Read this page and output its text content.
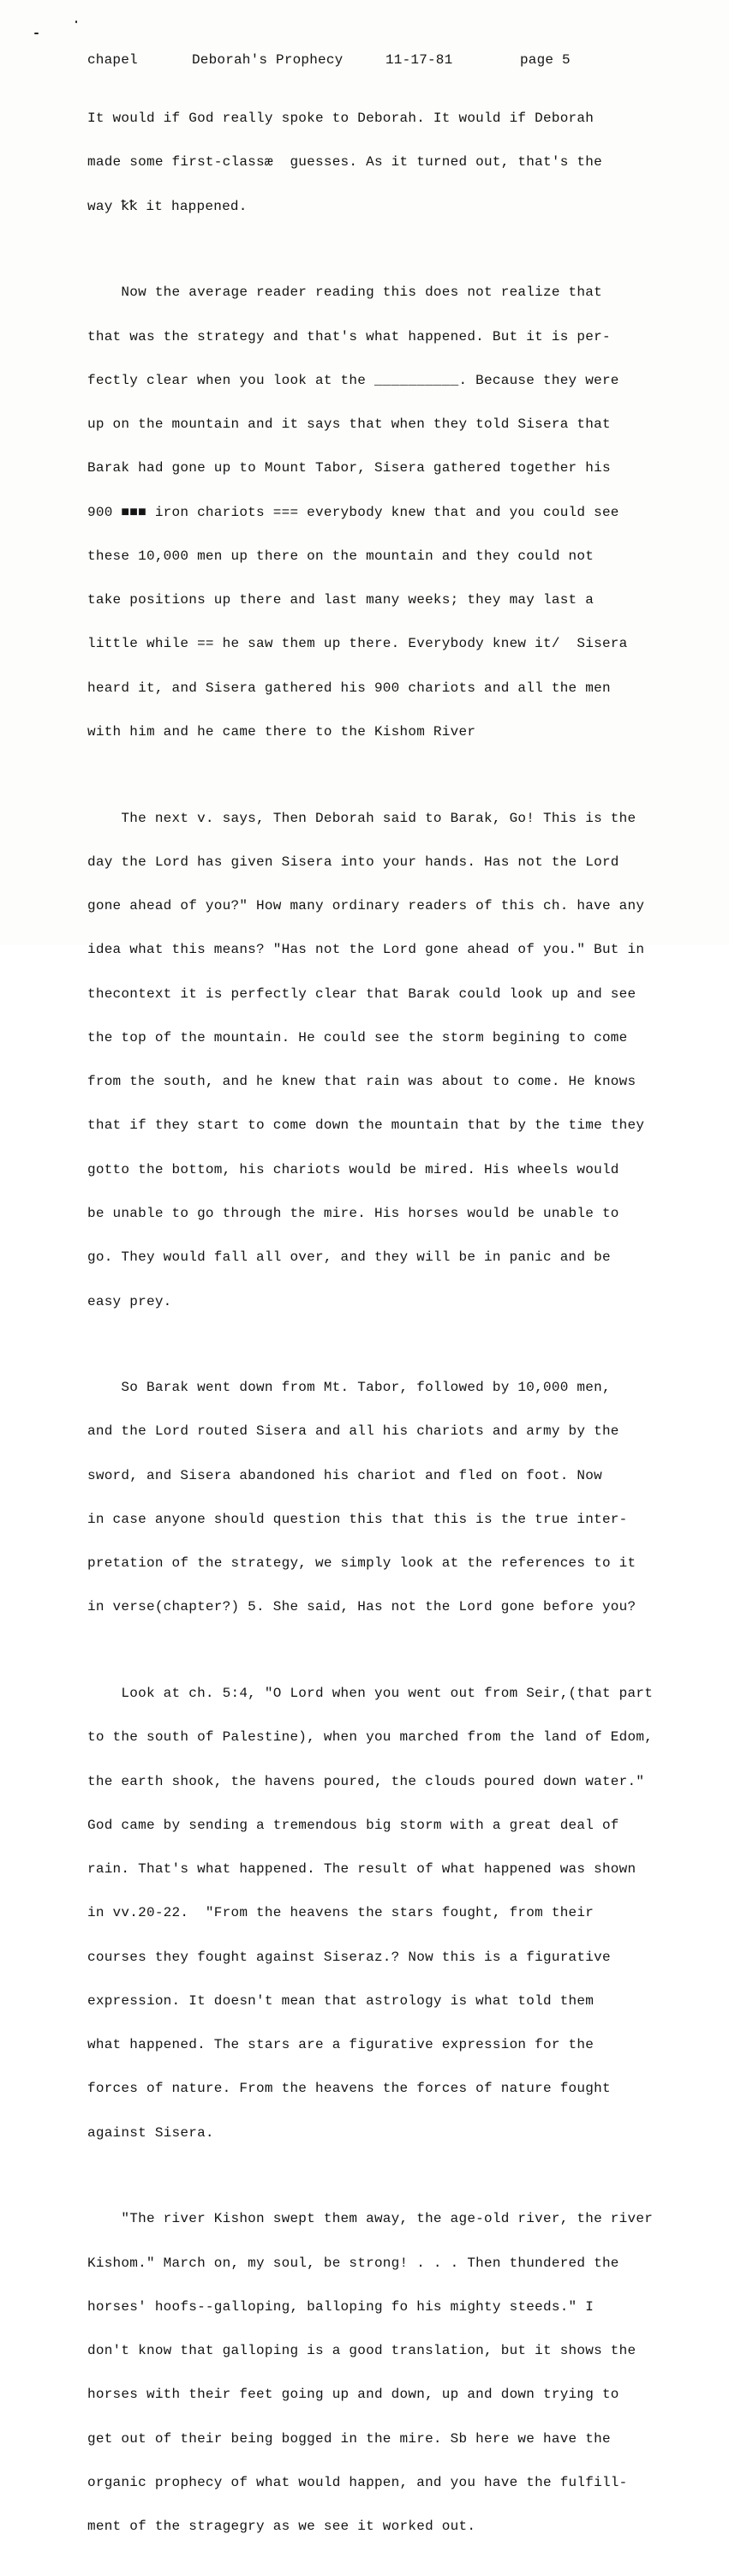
chapel

	Deborah's Prophecy

	11-17-81

	page 5

It would if God really spoke to Deborah. It would if Deborah

made some first-classæ  guesses. As it turned out, that's the

way ꝁꝁ it happened.

Now the average reader reading this does not realize that

that was the strategy and that's what happened. But it is per-

fectly clear when you look at the __________. Because they were

up on the mountain and it says that when they told Sisera that

Barak had gone up to Mount Tabor, Sisera gathered together his

900 ■■■ iron chariots === everybody knew that and you could see

these 10,000 men up there on the mountain and they could not

take positions up there and last many weeks; they may last a

little while == he saw them up there. Everybody knew it/  Sisera

heard it, and Sisera gathered his 900 chariots and all the men

with him and he came there to the Kishom River

The next v. says, Then Deborah said to Barak, Go! This is the

day the Lord has given Sisera into your hands. Has not the Lord

gone ahead of you?" How many ordinary readers of this ch. have any

idea what this means? "Has not the Lord gone ahead of you." But in

thecontext it is perfectly clear that Barak could look up and see

the top of the mountain. He could see the storm begining to come

from the south, and he knew that rain was about to come. He knows

that if they start to come down the mountain that by the time they

gotto the bottom, his chariots would be mired. His wheels would

be unable to go through the mire. His horses would be unable to

go. They would fall all over, and they will be in panic and be

easy prey.

So Barak went down from Mt. Tabor, followed by 10,000 men,

and the Lord routed Sisera and all his chariots and army by the

sword, and Sisera abandoned his chariot and fled on foot. Now

in case anyone should question this that this is the true inter-

pretation of the strategy, we simply look at the references to it

in verse(chapter?) 5. She said, Has not the Lord gone before you?

Look at ch. 5:4, "O Lord when you went out from Seir,(that part

to the south of Palestine), when you marched from the land of Edom,

the earth shook, the havens poured, the clouds poured down water."

God came by sending a tremendous big storm with a great deal of

rain. That's what happened. The result of what happened was shown

in vv.20-22.  "From the heavens the stars fought, from their

courses they fought against Siseraz.? Now this is a figurative

expression. It doesn't mean that astrology is what told them

what happened. The stars are a figurative expression for the

forces of nature. From the heavens the forces of nature fought

against Sisera.

"The river Kishon swept them away, the age-old river, the river

Kishom." March on, my soul, be strong! . . . Then thundered the

horses' hoofs--galloping, balloping fo his mighty steeds." I

don't know that galloping is a good translation, but it shows the

horses with their feet going up and down, up and down trying to

get out of their being bogged in the mire. Sb here we have the

organic prophecy of what would happen, and you have the fulfill-

ment of the stragegry as we see it worked out.
